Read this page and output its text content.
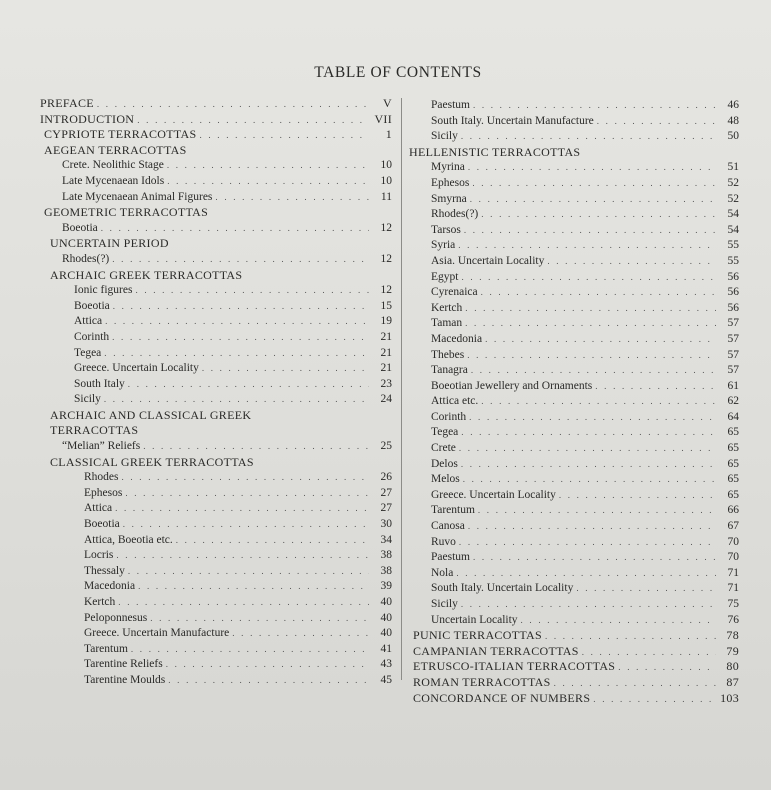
TABLE OF CONTENTS
PREFACE . . .	V
INTRODUCTION . . .	VII
CYPRIOTE TERRACOTTAS . . .	1
AEGEAN TERRACOTTAS
Crete. Neolithic Stage . . .	10
Late Mycenaean Idols . . .	10
Late Mycenaean Animal Figures . . .	11
GEOMETRIC TERRACOTTAS
Boeotia . . .	12
UNCERTAIN PERIOD
Rhodes(?) . . .	12
ARCHAIC GREEK TERRACOTTAS
Ionic figures . . .	12
Boeotia . . .	15
Attica . . .	19
Corinth . . .	21
Tegea . . .	21
Greece. Uncertain Locality . . .	21
South Italy . . .	23
Sicily . . .	24
ARCHAIC AND CLASSICAL GREEK
TERRACOTTAS
“Melian” Reliefs . . .	25
CLASSICAL GREEK TERRACOTTAS
Rhodes . . .	26
Ephesos . . .	27
Attica . . .	27
Boeotia . . .	30
Attica, Boeotia etc. . . .	34
Locris . . .	38
Thessaly . . .	38
Macedonia . . .	39
Kertch . . .	40
Peloponnesus . . .	40
Greece. Uncertain Manufacture . . .	40
Tarentum . . .	41
Tarentine Reliefs . . .	43
Tarentine Moulds . . .	45
Paestum . . .	46
South Italy. Uncertain Manufacture . . .	48
Sicily . . .	50
HELLENISTIC TERRACOTTAS
Myrina . . .	51
Ephesos . . .	52
Smyrna . . .	52
Rhodes(?) . . .	54
Tarsos . . .	54
Syria . . .	55
Asia. Uncertain Locality . . .	55
Egypt . . .	56
Cyrenaica . . .	56
Kertch . . .	56
Taman . . .	57
Macedonia . . .	57
Thebes . . .	57
Tanagra . . .	57
Boeotian Jewellery and Ornaments . . .	61
Attica etc. . . .	62
Corinth . . .	64
Tegea . . .	65
Crete . . .	65
Delos . . .	65
Melos . . .	65
Greece. Uncertain Locality . . .	65
Tarentum . . .	66
Canosa . . .	67
Ruvo . . .	70
Paestum . . .	70
Nola . . .	71
South Italy. Uncertain Locality . . .	71
Sicily . . .	75
Uncertain Locality . . .	76
PUNIC TERRACOTTAS . . .	78
CAMPANIAN TERRACOTTAS . . .	79
ETRUSCO-ITALIAN TERRACOTTAS . . .	80
ROMAN TERRACOTTAS . . .	87
CONCORDANCE OF NUMBERS . . .	103
